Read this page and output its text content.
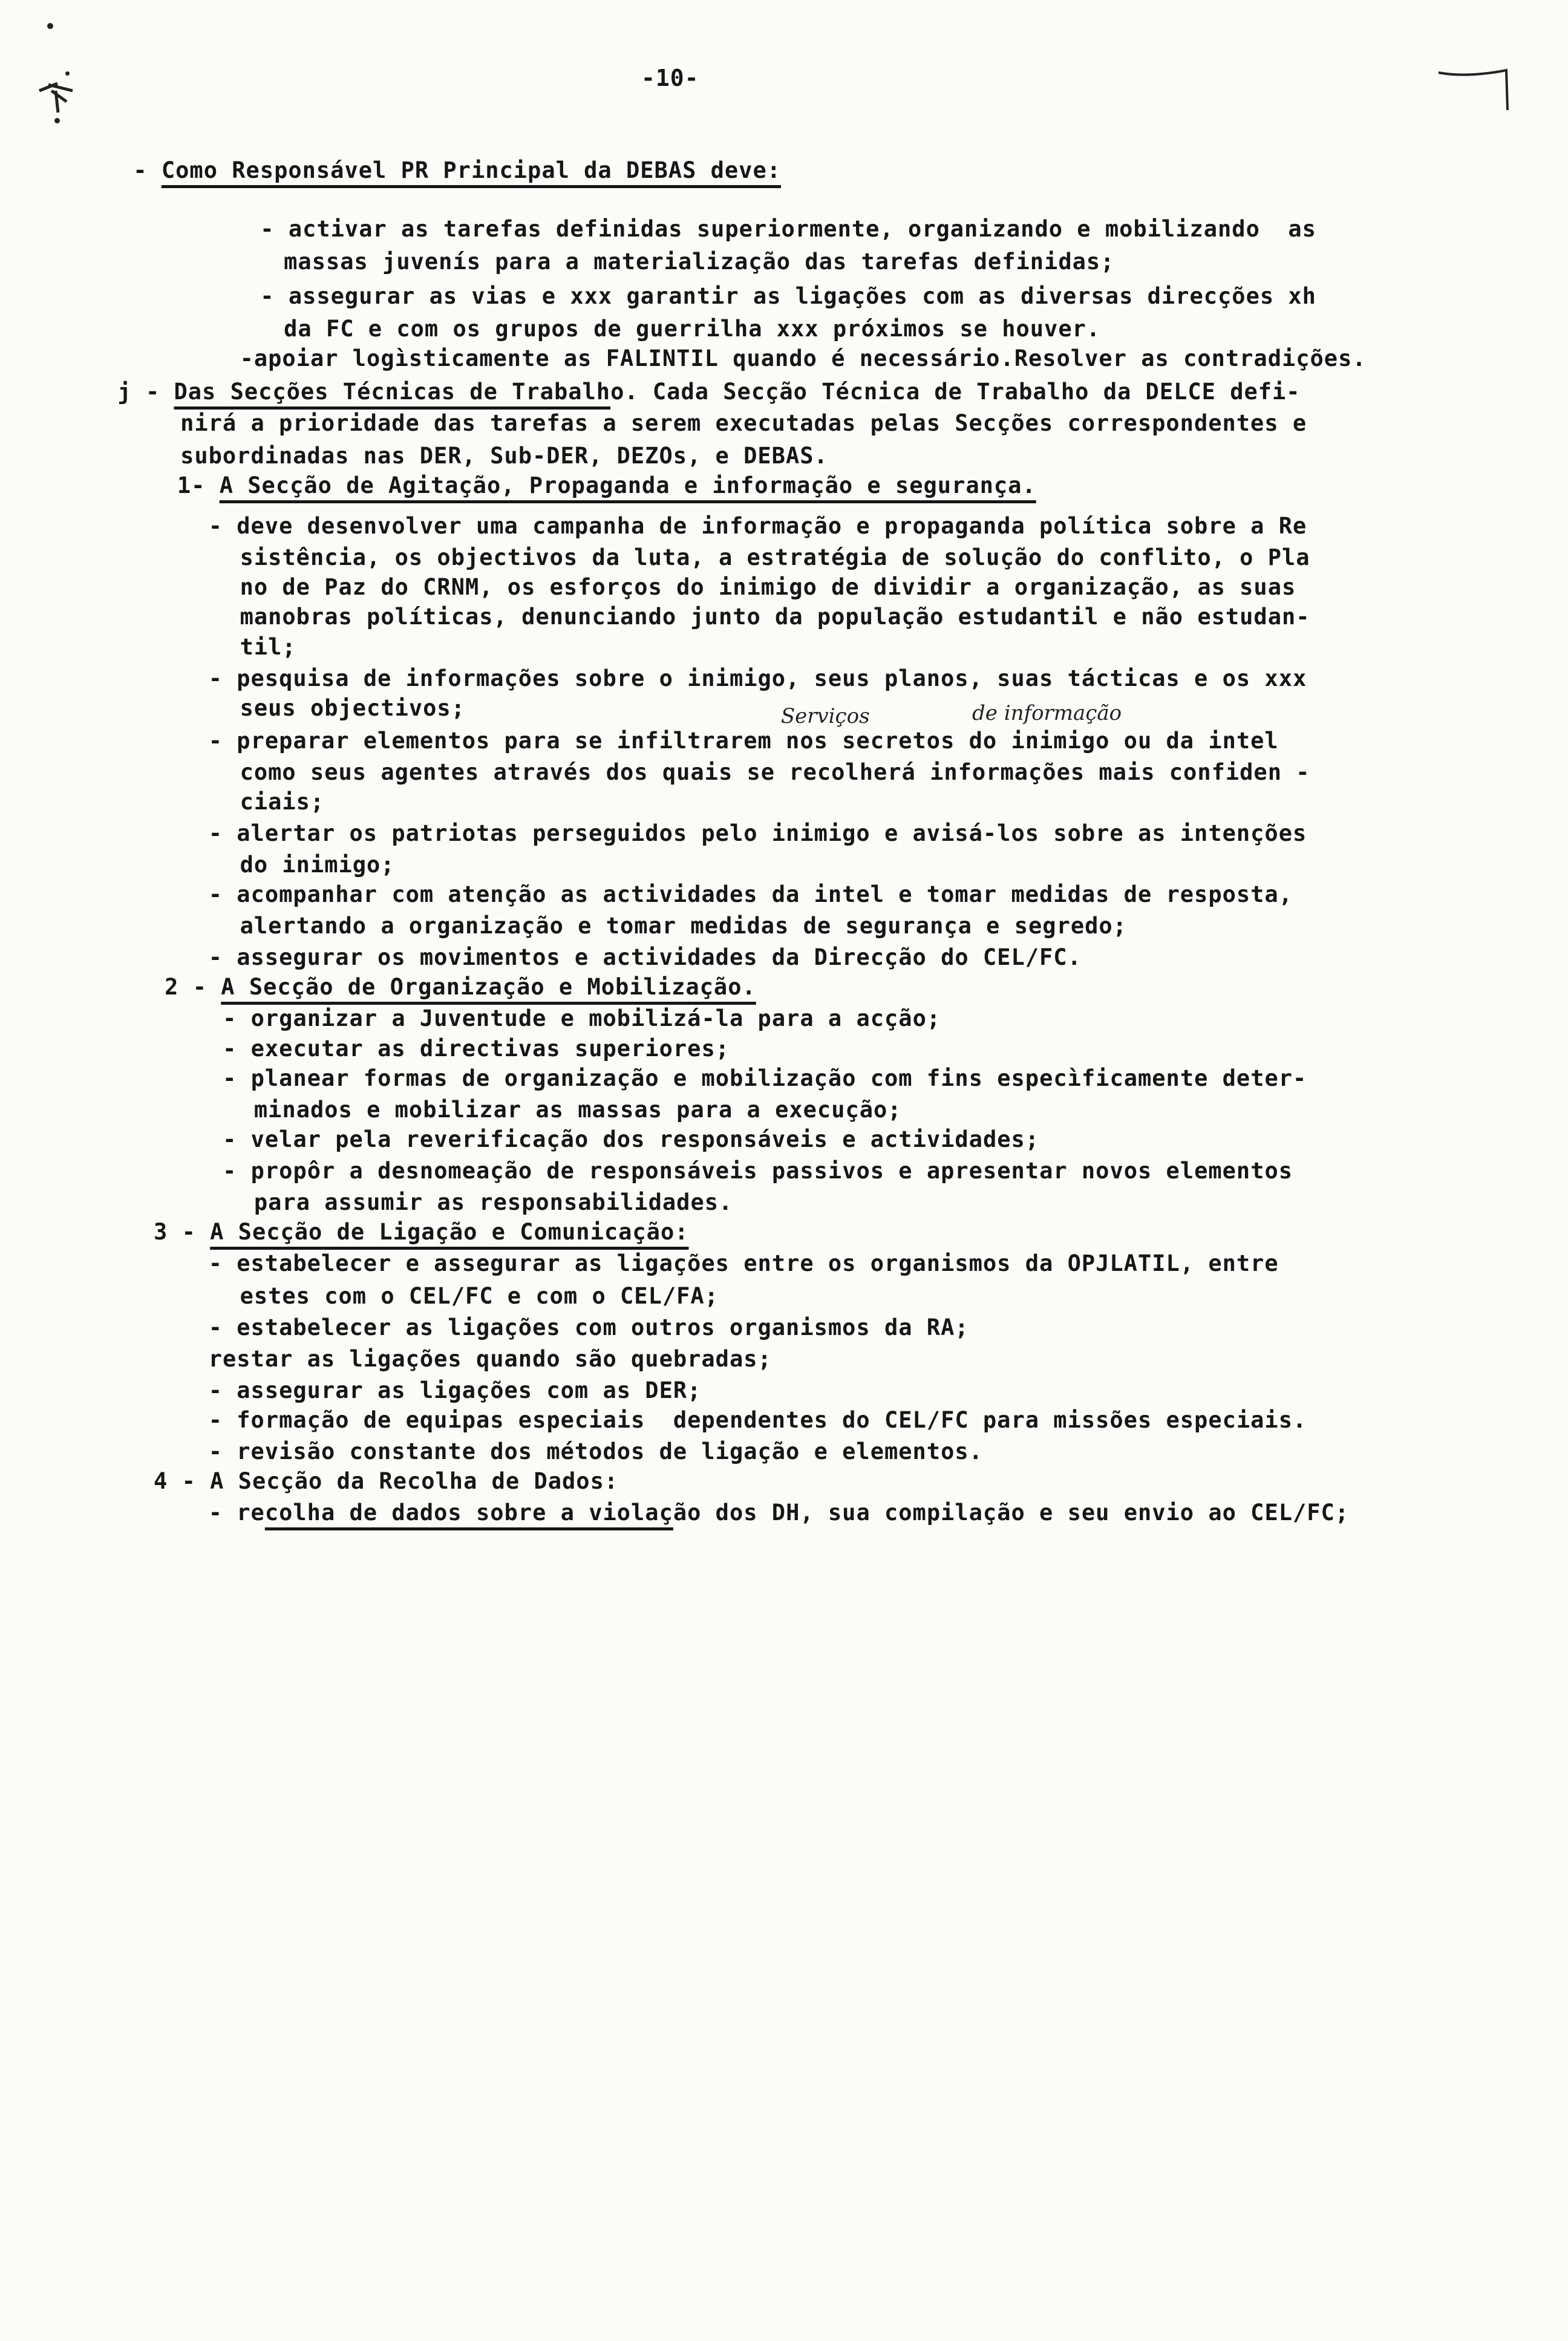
-10-
- Como Responsável PR Principal da DEBAS deve:
- activar as tarefas definidas superiormente, organizando e mobilizando  as
massas juvenís para a materialização das tarefas definidas;
- assegurar as vias e xxx garantir as ligações com as diversas direcções xh
da FC e com os grupos de guerrilha xxx próximos se houver.
-apoiar logìsticamente as FALINTIL quando é necessário.Resolver as contradições.
j - Das Secções Técnicas de Trabalho. Cada Secção Técnica de Trabalho da DELCE defi-
nirá a prioridade das tarefas a serem executadas pelas Secções correspondentes e
subordinadas nas DER, Sub-DER, DEZOs, e DEBAS.
1- A Secção de Agitação, Propaganda e informação e segurança.
- deve desenvolver uma campanha de informação e propaganda política sobre a Re
sistência, os objectivos da luta, a estratégia de solução do conflito, o Pla
no de Paz do CRNM, os esforços do inimigo de dividir a organização, as suas
manobras políticas, denunciando junto da população estudantil e não estudan-
til;
- pesquisa de informações sobre o inimigo, seus planos, suas tácticas e os xxx
seus objectivos;
- preparar elementos para se infiltrarem nos secretos do inimigo ou da intel
como seus agentes através dos quais se recolherá informações mais confiden -
ciais;
- alertar os patriotas perseguidos pelo inimigo e avisá-los sobre as intenções
do inimigo;
- acompanhar com atenção as actividades da intel e tomar medidas de resposta,
alertando a organização e tomar medidas de segurança e segredo;
- assegurar os movimentos e actividades da Direcção do CEL/FC.
2 - A Secção de Organização e Mobilização.
- organizar a Juventude e mobilizá-la para a acção;
- executar as directivas superiores;
- planear formas de organização e mobilização com fins especìficamente deter-
minados e mobilizar as massas para a execução;
- velar pela reverificação dos responsáveis e actividades;
- propôr a desnomeação de responsáveis passivos e apresentar novos elementos
para assumir as responsabilidades.
3 - A Secção de Ligação e Comunicação:
- estabelecer e assegurar as ligações entre os organismos da OPJLATIL, entre
estes com o CEL/FC e com o CEL/FA;
- estabelecer as ligações com outros organismos da RA;
restar as ligações quando são quebradas;
- assegurar as ligações com as DER;
- formação de equipas especiais  dependentes do CEL/FC para missões especiais.
- revisão constante dos métodos de ligação e elementos.
4 - A Secção da Recolha de Dados:
- recolha de dados sobre a violação dos DH, sua compilação e seu envio ao CEL/FC;
Serviços	de informação
